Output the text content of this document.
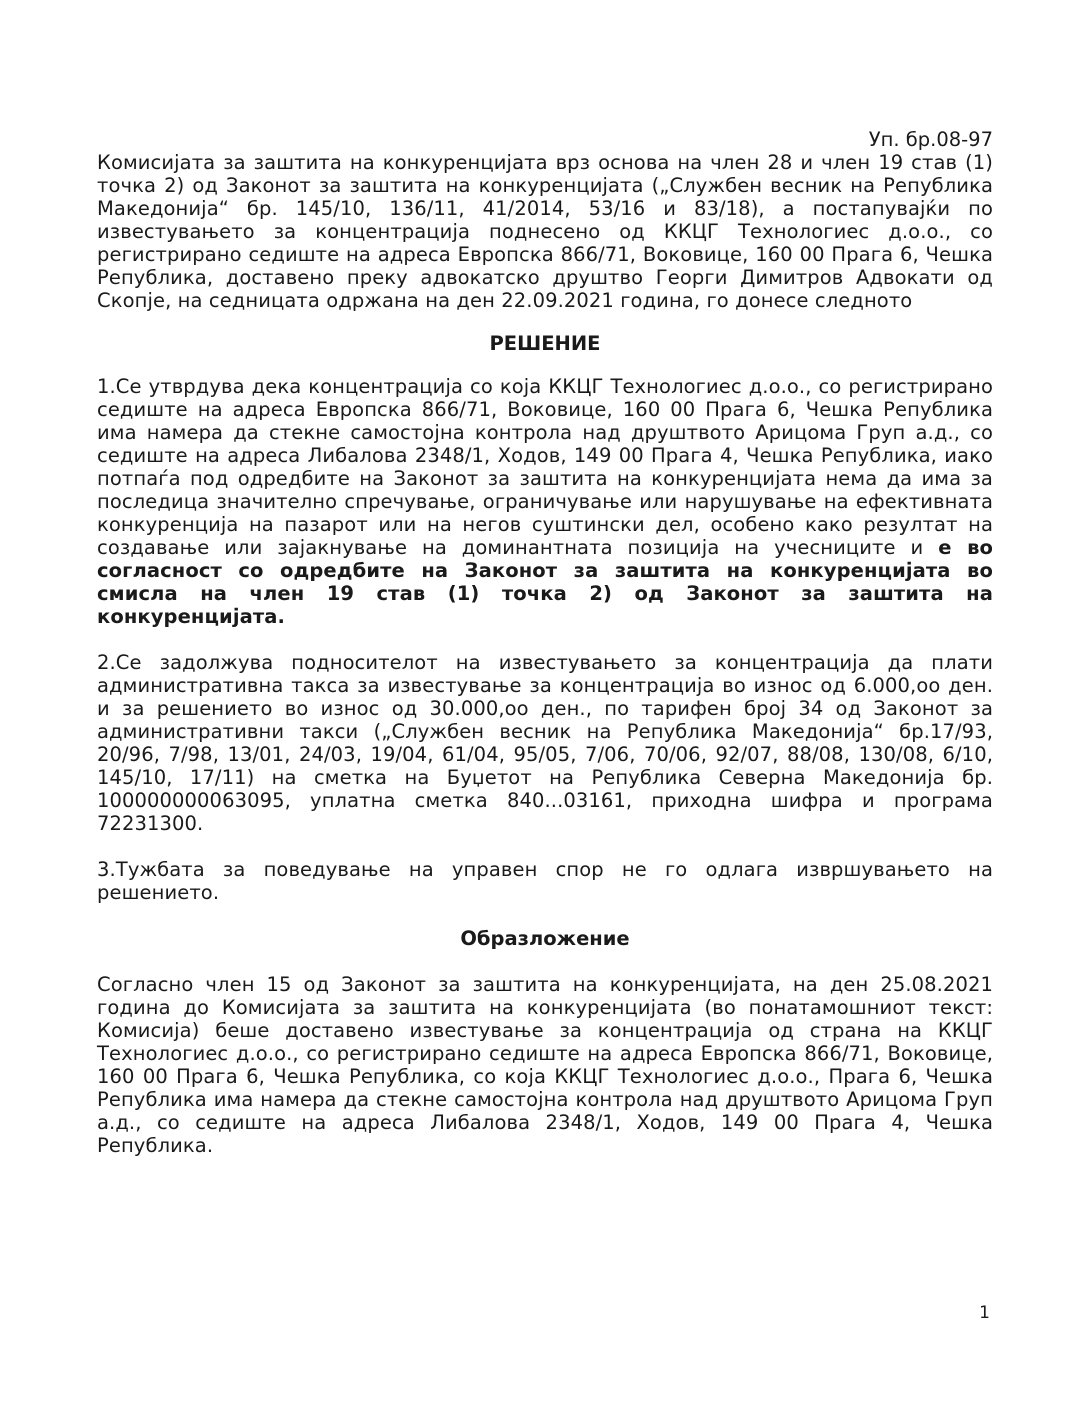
Уп. бр.08-97

Комисијата за заштита на конкуренцијата врз основа на член 28 и член 19 став (1) точка 2) од Законот за заштита на конкуренцијата („Службен весник на Република Македонија“ бр. 145/10, 136/11, 41/2014, 53/16 и 83/18), а постапувајќи по известувањето за концентрација поднесено од ККЦГ Технологиес д.о.о., со регистрирано седиште на адреса Европска 866/71, Воковице, 160 00 Прага 6, Чешка Република, доставено преку адвокатско друштво Георги Димитров Адвокати од Скопје, на седницата одржана на ден 22.09.2021 година, го донесе следното

РЕШЕНИЕ

1.Се утврдува дека концентрација со која ККЦГ Технологиес д.о.о., со регистрирано седиште на адреса Европска 866/71, Воковице, 160 00 Прага 6, Чешка Република има намера да стекне самостојна контрола над друштвото Арицома Груп а.д., со седиште на адреса Либалова 2348/1, Ходов, 149 00 Прага 4, Чешка Република, иако потпаѓа под одредбите на Законот за заштита на конкуренцијата нема да има за последица значително спречување, ограничување или нарушување на ефективната конкуренција на пазарот или на негов суштински дел, особено како резултат на создавање или зајакнување на доминантната позиција на учесниците и е во согласност со одредбите на Законот за заштита на конкуренцијата во смисла на член 19 став (1) точка 2) од Законот за заштита на конкуренцијата.

2.Се задолжува подносителот на известувањето за концентрација да плати административна такса за известување за концентрација во износ од 6.000,оо ден. и за решението во износ од 30.000,оо ден., по тарифен број 34 од Законот за административни такси („Службен весник на Република Македонија“ бр.17/93, 20/96, 7/98, 13/01, 24/03, 19/04, 61/04, 95/05, 7/06, 70/06, 92/07, 88/08, 130/08, 6/10, 145/10, 17/11) на сметка на Буџетот на Република Северна Македонија бр. 100000000063095, уплатна сметка 840...03161, приходна шифра и програма 72231300.

3.Тужбата за поведување на управен спор не го одлага извршувањето на решението.

Образложение

Согласно член 15 од Законот за заштита на конкуренцијата, на ден 25.08.2021 година до Комисијата за заштита на конкуренцијата (во понатамошниот текст: Комисија) беше доставено известување за концентрација од страна на ККЦГ Технологиес д.о.о., со регистрирано седиште на адреса Европска 866/71, Воковице, 160 00 Прага 6, Чешка Република, со која ККЦГ Технологиес д.о.о., Прага 6, Чешка Република има намера да стекне самостојна контрола над друштвото Арицома Груп а.д., со седиште на адреса Либалова 2348/1, Ходов, 149 00 Прага 4, Чешка Република.

1
